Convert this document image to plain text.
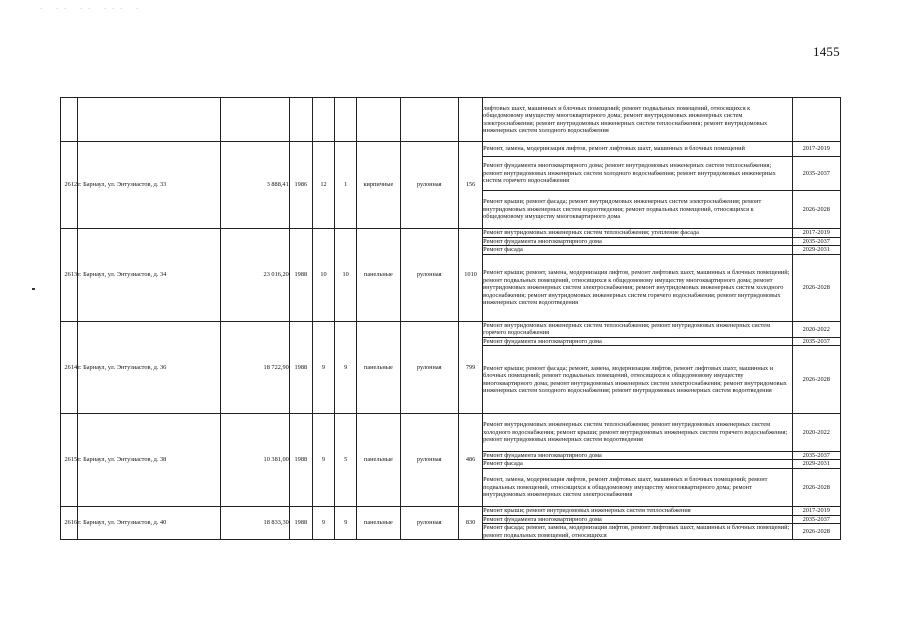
. .. .. ... .
1455
									лифтовых шахт, машинных и блочных помещений; ремонт подвальных помещений, относящихся к общедомовому имуществу многоквартирного дома; ремонт внутридомовых инженерных систем электроснабжения; ремонт внутридомовых инженерных систем теплоснабжения; ремонт внутридомовых инженерных систем холодного водоснабжения	
2612	г. Барнаул, ул. Энтузиастов, д. 33	3 888,41	1986	12	1	кирпичные	рулонная	156	Ремонт, замена, модернизация лифтов, ремонт лифтовых шахт, машинных и блочных помещений	2017-2019
									Ремонт фундамента многоквартирного дома; ремонт внутридомовых инженерных систем теплоснабжения; ремонт внутридомовых инженерных систем холодного водоснабжения; ремонт внутридомовых инженерных систем горячего водоснабжения	2035-2037
									Ремонт крыши; ремонт фасада; ремонт внутридомовых инженерных систем электроснабжения; ремонт внутридомовых инженерных систем водоотведения; ремонт подвальных помещений, относящихся к общедомовому имуществу многоквартирного дома	2026-2028
2613	г. Барнаул, ул. Энтузиастов, д. 34	23 016,20	1988	10	10	панельные	рулонная	1010	Ремонт внутридомовых инженерных систем теплоснабжения; утепление фасада	2017-2019
									Ремонт фундамента многоквартирного дома	2035-2037
									Ремонт фасада	2029-2031
									Ремонт крыши; ремонт, замена, модернизация лифтов, ремонт лифтовых шахт, машинных и блочных помещений; ремонт подвальных помещений, относящихся к общедомовому имуществу многоквартирного дома; ремонт внутридомовых инженерных систем электроснабжения; ремонт внутридомовых инженерных систем холодного водоснабжения; ремонт внутридомовых инженерных систем горячего водоснабжения; ремонт внутридомовых инженерных систем водоотведения	2026-2028
2614	г. Барнаул, ул. Энтузиастов, д. 36	18 722,90	1988	9	9	панельные	рулонная	799	Ремонт внутридомовых инженерных систем теплоснабжения; ремонт внутридомовых инженерных систем горячего водоснабжения	2020-2022
									Ремонт фундамента многоквартирного дома	2035-2037
									Ремонт крыши; ремонт фасада; ремонт, замена, модернизация лифтов, ремонт лифтовых шахт, машинных и блочных помещений; ремонт подвальных помещений, относящихся к общедомовому имуществу многоквартирного дома; ремонт внутридомовых инженерных систем электроснабжения; ремонт внутридомовых инженерных систем холодного водоснабжения; ремонт внутридомовых инженерных систем водоотведения	2026-2028
2615	г. Барнаул, ул. Энтузиастов, д. 38	10 381,00	1988	9	5	панельные	рулонная	486	Ремонт внутридомовых инженерных систем теплоснабжения; ремонт внутридомовых инженерных систем холодного водоснабжения; ремонт крыши; ремонт внутридомовых инженерных систем горячего водоснабжения; ремонт внутридомовых инженерных систем водоотведения	2020-2022
									Ремонт фундамента многоквартирного дома	2035-2037
									Ремонт фасада	2029-2031
									Ремонт, замена, модернизация лифтов, ремонт лифтовых шахт, машинных и блочных помещений; ремонт подвальных помещений, относящихся к общедомовому имуществу многоквартирного дома; ремонт внутридомовых инженерных систем электроснабжения	2026-2028
2616	г. Барнаул, ул. Энтузиастов, д. 40	18 833,30	1988	9	9	панельные	рулонная	830	Ремонт крыши; ремонт внутридомовых инженерных систем теплоснабжения	2017-2019
									Ремонт фундамента многоквартирного дома	2035-2037
									Ремонт фасада; ремонт, замена, модернизация лифтов, ремонт лифтовых шахт, машинных и блочных помещений; ремонт подвальных помещений, относящихся	2026-2028
